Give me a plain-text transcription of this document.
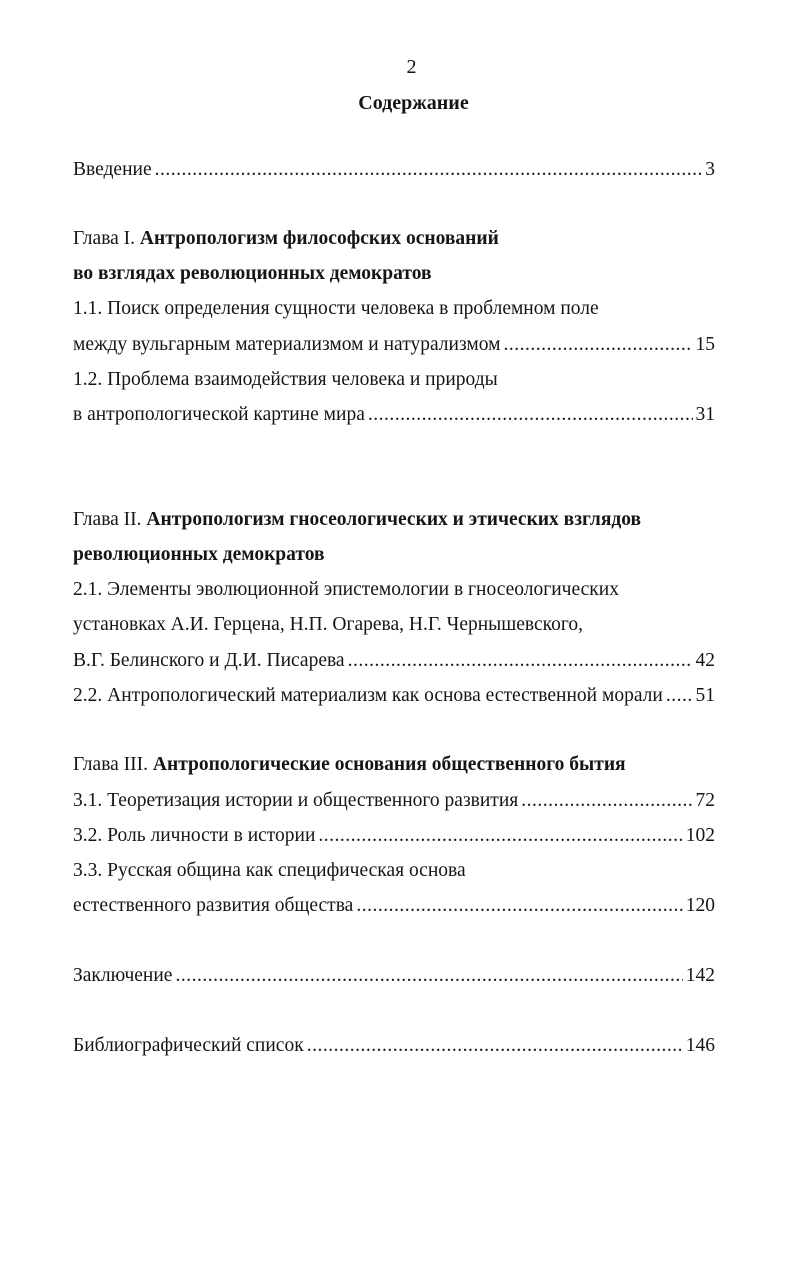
2
Содержание
Введение .....	3
Глава I. Антропологизм философских оснований
во взглядах революционных демократов
1.1. Поиск определения сущности человека в проблемном поле
между вульгарным материализмом и натурализмом .....	15
1.2. Проблема взаимодействия человека и природы
в антропологической картине мира .....	31
Глава II. Антропологизм гносеологических и этических взглядов
революционных демократов
2.1. Элементы эволюционной эпистемологии в гносеологических
установках А.И. Герцена, Н.П. Огарева, Н.Г. Чернышевского,
В.Г. Белинского и Д.И. Писарева .....	42
2.2. Антропологический материализм как основа естественной морали ..... 51
Глава III. Антропологические основания общественного бытия
3.1. Теоретизация истории и общественного развития .....	72
3.2. Роль личности в истории .....	102
3.3. Русская община как специфическая основа
естественного развития общества .....	120
Заключение .....	142
Библиографический список .....	146
